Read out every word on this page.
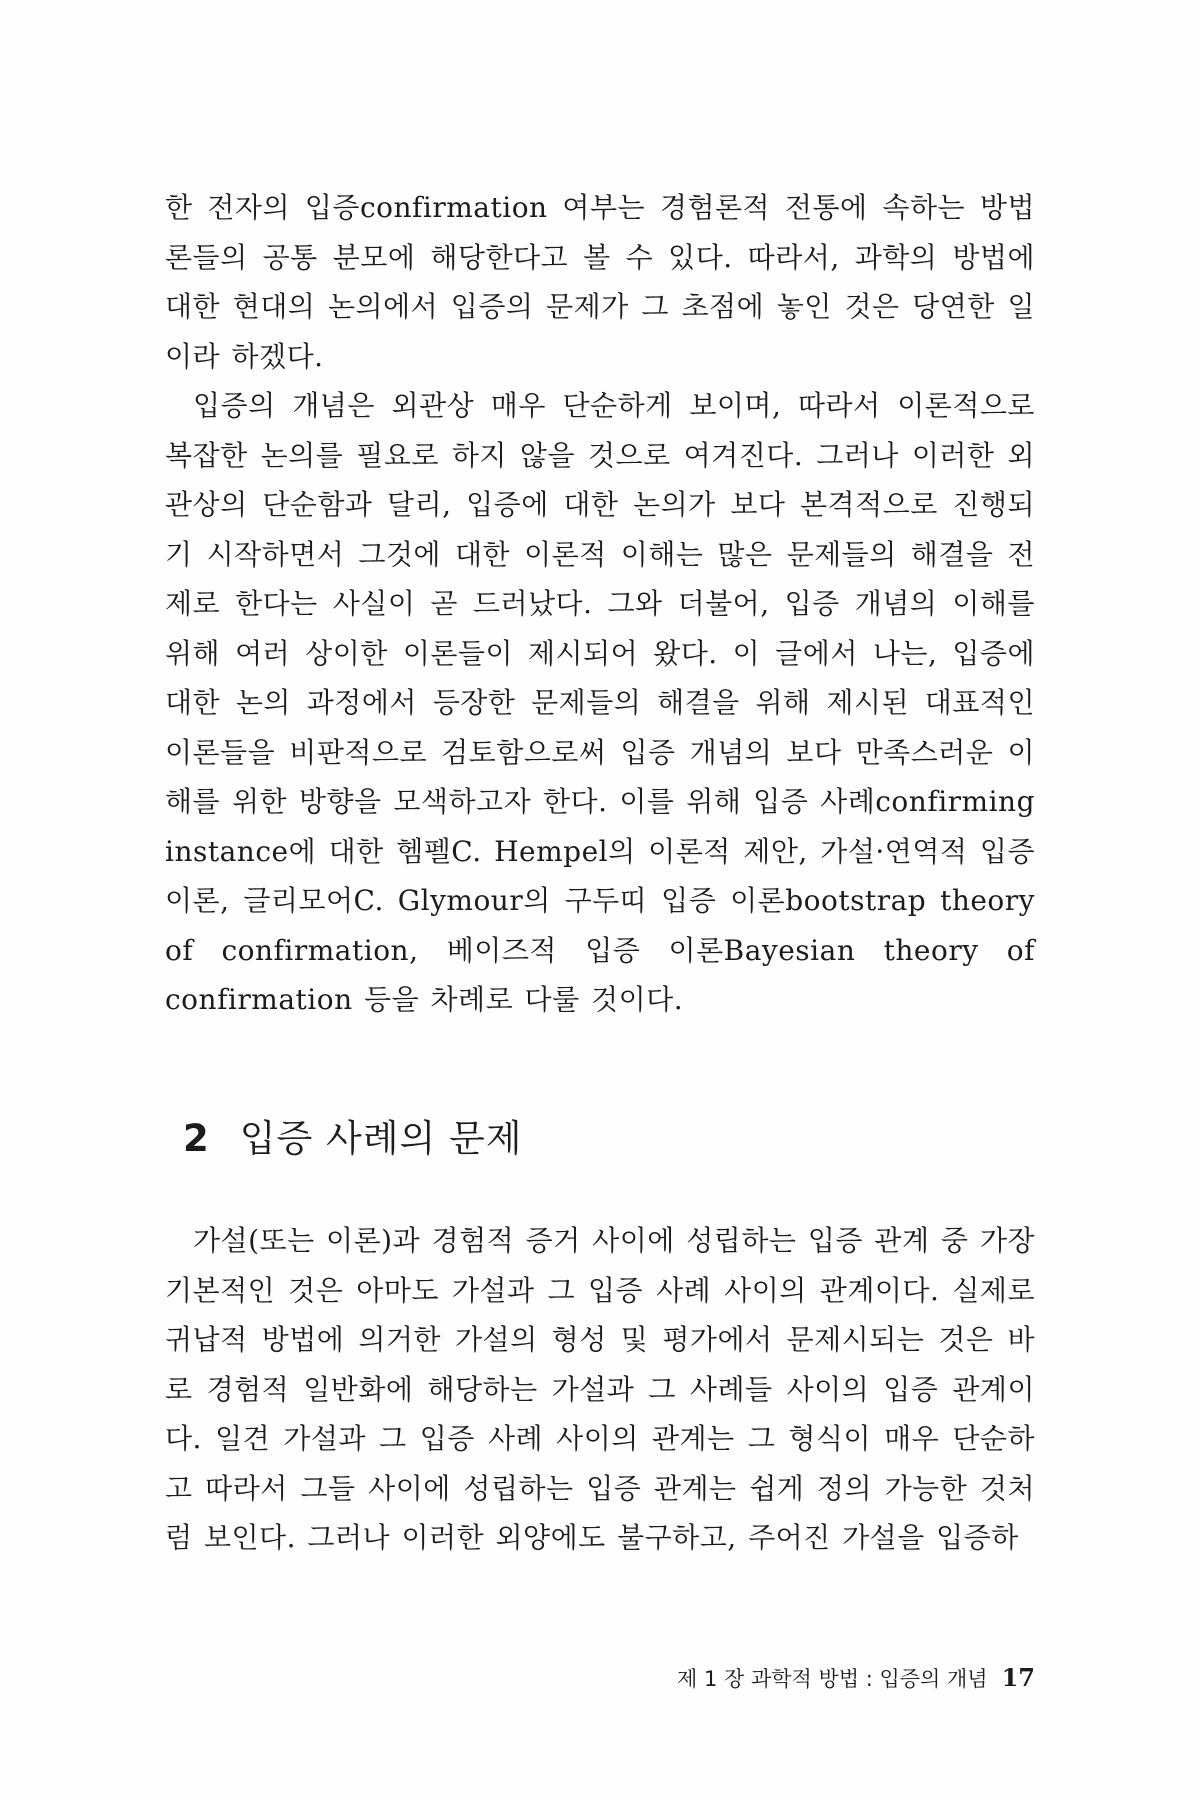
한 전자의 입증confirmation 여부는 경험론적 전통에 속하는 방법론들의 공통 분모에 해당한다고 볼 수 있다. 따라서, 과학의 방법에 대한 현대의 논의에서 입증의 문제가 그 초점에 놓인 것은 당연한 일이라 하겠다.

입증의 개념은 외관상 매우 단순하게 보이며, 따라서 이론적으로 복잡한 논의를 필요로 하지 않을 것으로 여겨진다. 그러나 이러한 외관상의 단순함과 달리, 입증에 대한 논의가 보다 본격적으로 진행되기 시작하면서 그것에 대한 이론적 이해는 많은 문제들의 해결을 전제로 한다는 사실이 곧 드러났다. 그와 더불어, 입증 개념의 이해를 위해 여러 상이한 이론들이 제시되어 왔다. 이 글에서 나는, 입증에 대한 논의 과정에서 등장한 문제들의 해결을 위해 제시된 대표적인 이론들을 비판적으로 검토함으로써 입증 개념의 보다 만족스러운 이해를 위한 방향을 모색하고자 한다. 이를 위해 입증 사례confirming instance에 대한 헴펠C. Hempel의 이론적 제안, 가설·연역적 입증 이론, 글리모어C. Glymour의 구두띠 입증 이론bootstrap theory of confirmation, 베이즈적 입증 이론Bayesian theory of confirmation 등을 차례로 다룰 것이다.

2 입증 사례의 문제

가설(또는 이론)과 경험적 증거 사이에 성립하는 입증 관계 중 가장 기본적인 것은 아마도 가설과 그 입증 사례 사이의 관계이다. 실제로 귀납적 방법에 의거한 가설의 형성 및 평가에서 문제시되는 것은 바로 경험적 일반화에 해당하는 가설과 그 사례들 사이의 입증 관계이다. 일견 가설과 그 입증 사례 사이의 관계는 그 형식이 매우 단순하고 따라서 그들 사이에 성립하는 입증 관계는 쉽게 정의 가능한 것처럼 보인다. 그러나 이러한 외양에도 불구하고, 주어진 가설을 입증하

제 1 장 과학적 방법 : 입증의 개념 17
